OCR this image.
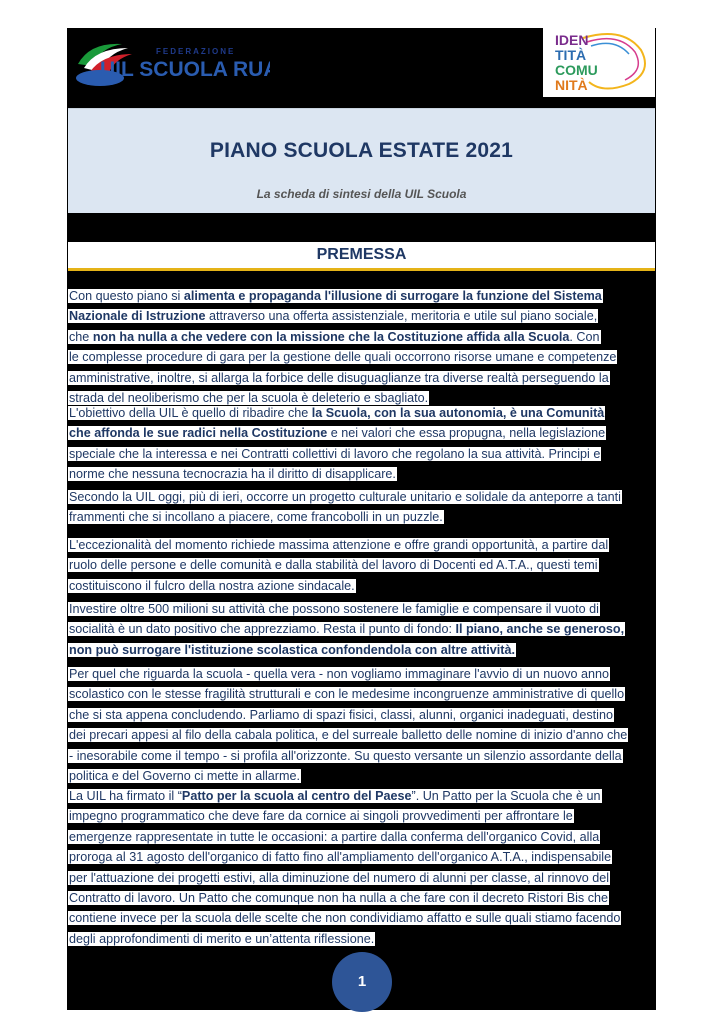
FEDERAZIONE
UIL SCUOLA RUA
IDEN
TITÀ
COMU
NITÀ
PIANO SCUOLA ESTATE 2021
La scheda di sintesi della UIL Scuola
PREMESSA
Con questo piano si alimenta e propaganda l'illusione di surrogare la funzione del Sistema
Nazionale di Istruzione attraverso una offerta assistenziale, meritoria e utile sul piano sociale,
che non ha nulla a che vedere con la missione che la Costituzione affida alla Scuola. Con
le complesse procedure di gara per la gestione delle quali occorrono risorse umane e competenze
amministrative, inoltre, si allarga la forbice delle disuguaglianze tra diverse realtà perseguendo la
strada del neoliberismo che per la scuola è deleterio e sbagliato.
L'obiettivo della UIL è quello di ribadire che la Scuola, con la sua autonomia, è una Comunità
che affonda le sue radici nella Costituzione e nei valori che essa propugna, nella legislazione
speciale che la interessa e nei Contratti collettivi di lavoro che regolano la sua attività. Principi e
norme che nessuna tecnocrazia ha il diritto di disapplicare.
Secondo la UIL oggi, più di ieri, occorre un progetto culturale unitario e solidale da anteporre a tanti
frammenti che si incollano a piacere, come francobolli in un puzzle.
L'eccezionalità del momento richiede massima attenzione e offre grandi opportunità, a partire dal
ruolo delle persone e delle comunità e dalla stabilità del lavoro di Docenti ed A.T.A., questi temi
costituiscono il fulcro della nostra azione sindacale.
Investire oltre 500 milioni su attività che possono sostenere le famiglie e compensare il vuoto di
socialità è un dato positivo che apprezziamo. Resta il punto di fondo: Il piano, anche se generoso,
non può surrogare l'istituzione scolastica confondendola con altre attività.
Per quel che riguarda la scuola - quella vera - non vogliamo immaginare l'avvio di un nuovo anno
scolastico con le stesse fragilità strutturali e con le medesime incongruenze amministrative di quello
che si sta appena concludendo. Parliamo di spazi fisici, classi, alunni, organici inadeguati, destino
dei precari appesi al filo della cabala politica, e del surreale balletto delle nomine di inizio d'anno che
- inesorabile come il tempo - si profila all'orizzonte. Su questo versante un silenzio assordante della
politica e del Governo ci mette in allarme.
La UIL ha firmato il “Patto per la scuola al centro del Paese”. Un Patto per la Scuola che è un
impegno programmatico che deve fare da cornice ai singoli provvedimenti per affrontare le
emergenze rappresentate in tutte le occasioni: a partire dalla conferma dell'organico Covid, alla
proroga al 31 agosto dell'organico di fatto fino all'ampliamento dell'organico A.T.A., indispensabile
per l'attuazione dei progetti estivi, alla diminuzione del numero di alunni per classe, al rinnovo del
Contratto di lavoro. Un Patto che comunque non ha nulla a che fare con il decreto Ristori Bis che
contiene invece per la scuola delle scelte che non condividiamo affatto e sulle quali stiamo facendo
degli approfondimenti di merito e un’attenta riflessione.
1
